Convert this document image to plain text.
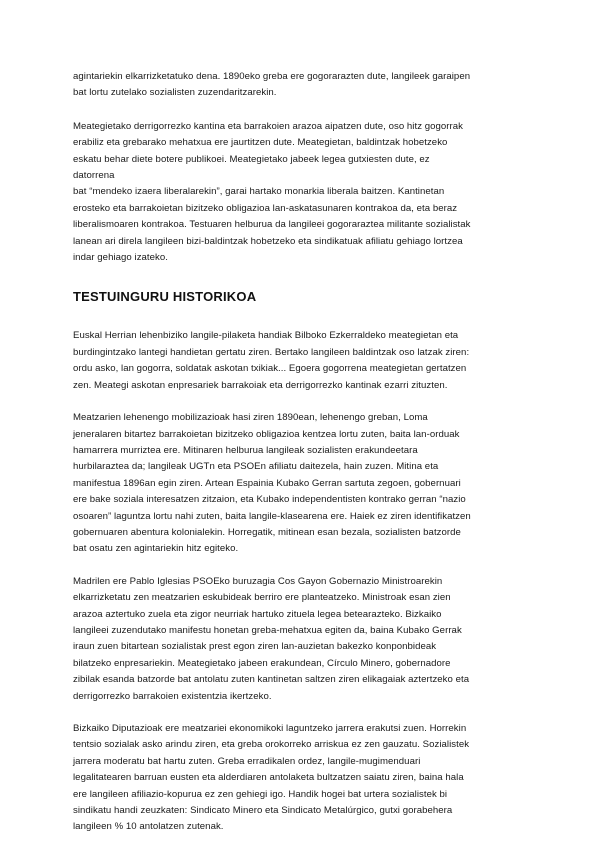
agintariekin elkarrizketatuko dena. 1890eko greba ere gogorarazten dute, langileek garaipen
bat lortu zutelako sozialisten zuzendaritzarekin.

Meategietako derrigorrezko kantina eta barrakoien arazoa aipatzen dute, oso hitz gogorrak
erabiliz eta grebarako mehatxua ere jaurtitzen dute. Meategietan, baldintzak hobetzeko
eskatu behar diete botere publikoei. Meategietako jabeek legea gutxiesten dute, ez
datorrena
bat “mendeko izaera liberalarekin”, garai hartako monarkia liberala baitzen. Kantinetan
erosteko eta barrakoietan bizitzeko obligazioa lan-askatasunaren kontrakoa da, eta beraz
liberalismoaren kontrakoa. Testuaren helburua da langileei gogoraraztea militante sozialistak
lanean ari direla langileen bizi-baldintzak hobetzeko eta sindikatuak afiliatu gehiago lortzea
indar gehiago izateko.

TESTUINGURU HISTORIKOA

Euskal Herrian lehenbiziko langile-pilaketa handiak Bilboko Ezkerraldeko meategietan eta
burdingintzako lantegi handietan gertatu ziren. Bertako langileen baldintzak oso latzak ziren:
ordu asko, lan gogorra, soldatak askotan txikiak... Egoera gogorrena meategietan gertatzen
zen. Meategi askotan enpresariek barrakoiak eta derrigorrezko kantinak ezarri zituzten.

Meatzarien lehenengo mobilizazioak hasi ziren 1890ean, lehenengo greban, Loma
jeneralaren bitartez barrakoietan bizitzeko obligazioa kentzea lortu zuten, baita lan-orduak
hamarrera murriztea ere. Mitinaren helburua langileak sozialisten erakundeetara
hurbilaraztea da; langileak UGTn eta PSOEn afiliatu daitezela, hain zuzen. Mitina eta
manifestua 1896an egin ziren. Artean Espainia Kubako Gerran sartuta zegoen, gobernuari
ere bake soziala interesatzen zitzaion, eta Kubako independentisten kontrako gerran “nazio
osoaren” laguntza lortu nahi zuten, baita langile-klasearena ere. Haiek ez ziren identifikatzen
gobernuaren abentura kolonialekin. Horregatik, mitinean esan bezala, sozialisten batzorde
bat osatu zen agintariekin hitz egiteko.

Madrilen ere Pablo Iglesias PSOEko buruzagia Cos Gayon Gobernazio Ministroarekin
elkarrizketatu zen meatzarien eskubideak berriro ere planteatzeko. Ministroak esan zien
arazoa aztertuko zuela eta zigor neurriak hartuko zituela legea betearazteko. Bizkaiko
langileei zuzendutako manifestu honetan greba-mehatxua egiten da, baina Kubako Gerrak
iraun zuen bitartean sozialistak prest egon ziren lan-auzietan bakezko konponbideak
bilatzeko enpresariekin. Meategietako jabeen erakundean, Círculo Minero, gobernadore
zibilak esanda batzorde bat antolatu zuten kantinetan saltzen ziren elikagaiak aztertzeko eta
derrigorrezko barrakoien existentzia ikertzeko.

Bizkaiko Diputazioak ere meatzariei ekonomikoki laguntzeko jarrera erakutsi zuen. Horrekin
tentsio sozialak asko arindu ziren, eta greba orokorreko arriskua ez zen gauzatu. Sozialistek
jarrera moderatu bat hartu zuten. Greba erradikalen ordez, langile-mugimenduari
legalitatearen barruan eusten eta alderdiaren antolaketa bultzatzen saiatu ziren, baina hala
ere langileen afiliazio-kopurua ez zen gehiegi igo. Handik hogei bat urtera sozialistek bi
sindikatu handi zeuzkaten: Sindicato Minero eta Sindicato Metalúrgico, gutxi gorabehera
langileen % 10 antolatzen zutenak.
